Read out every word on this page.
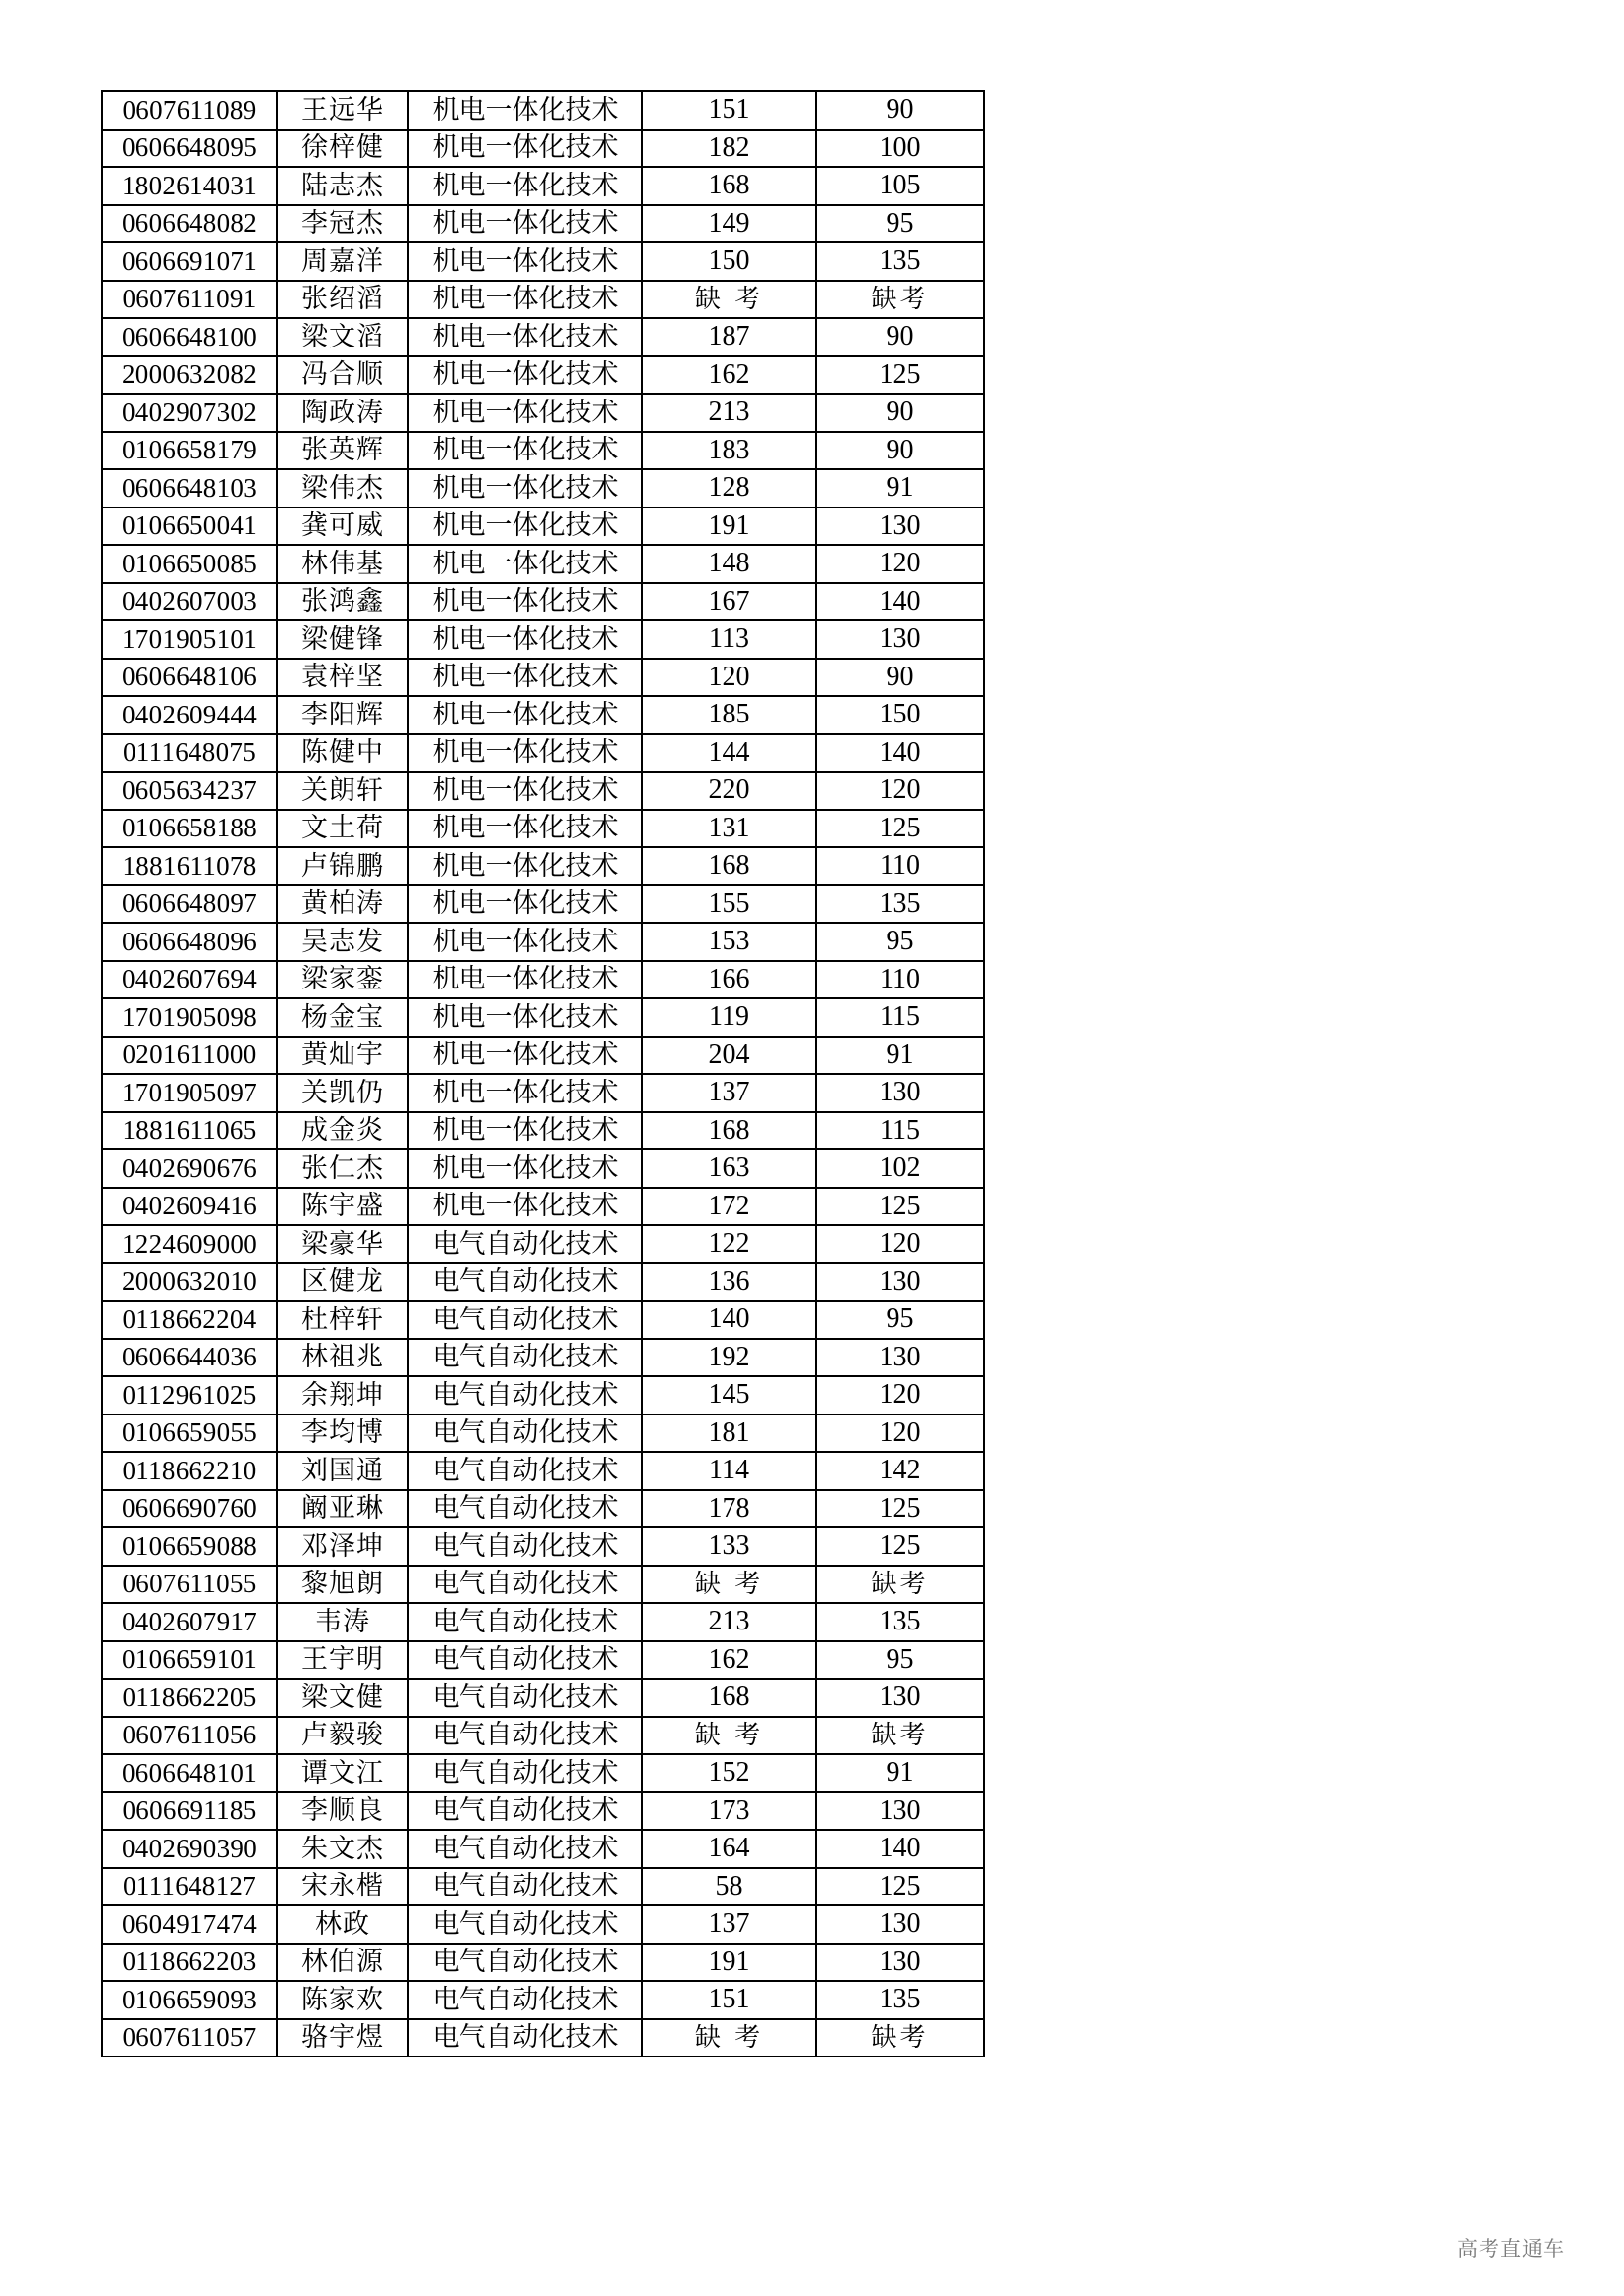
0607611089	王远华	机电一体化技术	151	90
0606648095	徐梓健	机电一体化技术	182	100
1802614031	陆志杰	机电一体化技术	168	105
0606648082	李冠杰	机电一体化技术	149	95
0606691071	周嘉洋	机电一体化技术	150	135
0607611091	张绍滔	机电一体化技术	缺 考	缺考
0606648100	梁文滔	机电一体化技术	187	90
2000632082	冯合顺	机电一体化技术	162	125
0402907302	陶政涛	机电一体化技术	213	90
0106658179	张英辉	机电一体化技术	183	90
0606648103	梁伟杰	机电一体化技术	128	91
0106650041	龚可威	机电一体化技术	191	130
0106650085	林伟基	机电一体化技术	148	120
0402607003	张鸿鑫	机电一体化技术	167	140
1701905101	梁健锋	机电一体化技术	113	130
0606648106	袁梓坚	机电一体化技术	120	90
0402609444	李阳辉	机电一体化技术	185	150
0111648075	陈健中	机电一体化技术	144	140
0605634237	关朗轩	机电一体化技术	220	120
0106658188	文土荷	机电一体化技术	131	125
1881611078	卢锦鹏	机电一体化技术	168	110
0606648097	黄柏涛	机电一体化技术	155	135
0606648096	吴志发	机电一体化技术	153	95
0402607694	梁家銮	机电一体化技术	166	110
1701905098	杨金宝	机电一体化技术	119	115
0201611000	黄灿宇	机电一体化技术	204	91
1701905097	关凯仍	机电一体化技术	137	130
1881611065	成金炎	机电一体化技术	168	115
0402690676	张仁杰	机电一体化技术	163	102
0402609416	陈宇盛	机电一体化技术	172	125
1224609000	梁豪华	电气自动化技术	122	120
2000632010	区健龙	电气自动化技术	136	130
0118662204	杜梓轩	电气自动化技术	140	95
0606644036	林祖兆	电气自动化技术	192	130
0112961025	余翔坤	电气自动化技术	145	120
0106659055	李均博	电气自动化技术	181	120
0118662210	刘国通	电气自动化技术	114	142
0606690760	阚亚琳	电气自动化技术	178	125
0106659088	邓泽坤	电气自动化技术	133	125
0607611055	黎旭朗	电气自动化技术	缺 考	缺考
0402607917	韦涛	电气自动化技术	213	135
0106659101	王宇明	电气自动化技术	162	95
0118662205	梁文健	电气自动化技术	168	130
0607611056	卢毅骏	电气自动化技术	缺 考	缺考
0606648101	谭文江	电气自动化技术	152	91
0606691185	李顺良	电气自动化技术	173	130
0402690390	朱文杰	电气自动化技术	164	140
0111648127	宋永楷	电气自动化技术	58	125
0604917474	林政	电气自动化技术	137	130
0118662203	林伯源	电气自动化技术	191	130
0106659093	陈家欢	电气自动化技术	151	135
0607611057	骆宇煜	电气自动化技术	缺 考	缺考
高考直通车
